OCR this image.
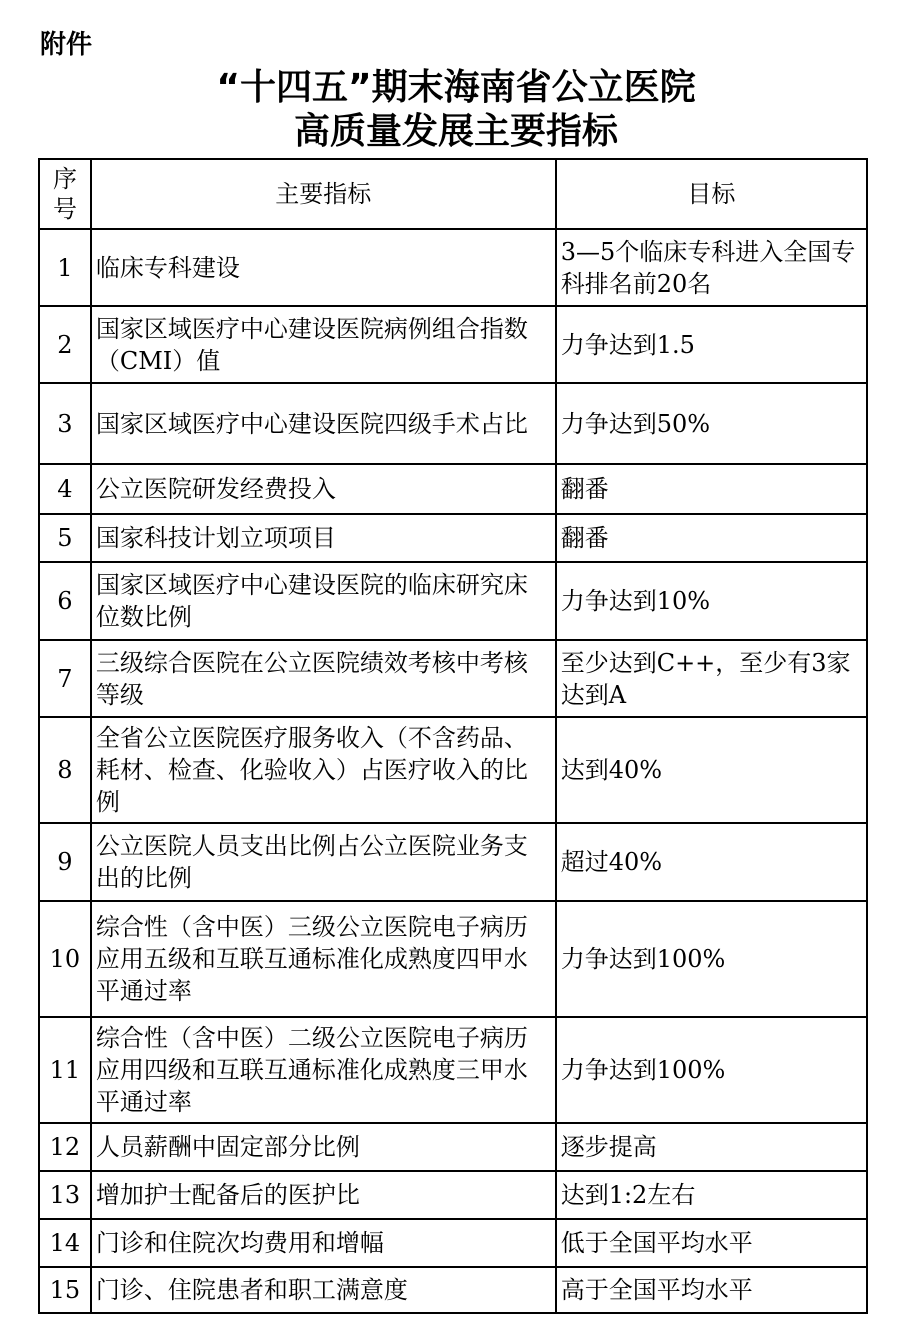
附件
“十四五”期末海南省公立医院
高质量发展主要指标
序
号	主要指标	目标
1	临床专科建设	3—5个临床专科进入全国专科排名前20名
2	国家区域医疗中心建设医院病例组合指数（CMI）值	力争达到1.5
3	国家区域医疗中心建设医院四级手术占比	力争达到50%
4	公立医院研发经费投入	翻番
5	国家科技计划立项项目	翻番
6	国家区域医疗中心建设医院的临床研究床位数比例	力争达到10%
7	三级综合医院在公立医院绩效考核中考核等级	至少达到C++，至少有3家达到A
8	全省公立医院医疗服务收入（不含药品、耗材、检查、化验收入）占医疗收入的比例	达到40%
9	公立医院人员支出比例占公立医院业务支出的比例	超过40%
10	综合性（含中医）三级公立医院电子病历应用五级和互联互通标准化成熟度四甲水平通过率	力争达到100%
11	综合性（含中医）二级公立医院电子病历应用四级和互联互通标准化成熟度三甲水平通过率	力争达到100%
12	人员薪酬中固定部分比例	逐步提高
13	增加护士配备后的医护比	达到1:2左右
14	门诊和住院次均费用和增幅	低于全国平均水平
15	门诊、住院患者和职工满意度	高于全国平均水平
